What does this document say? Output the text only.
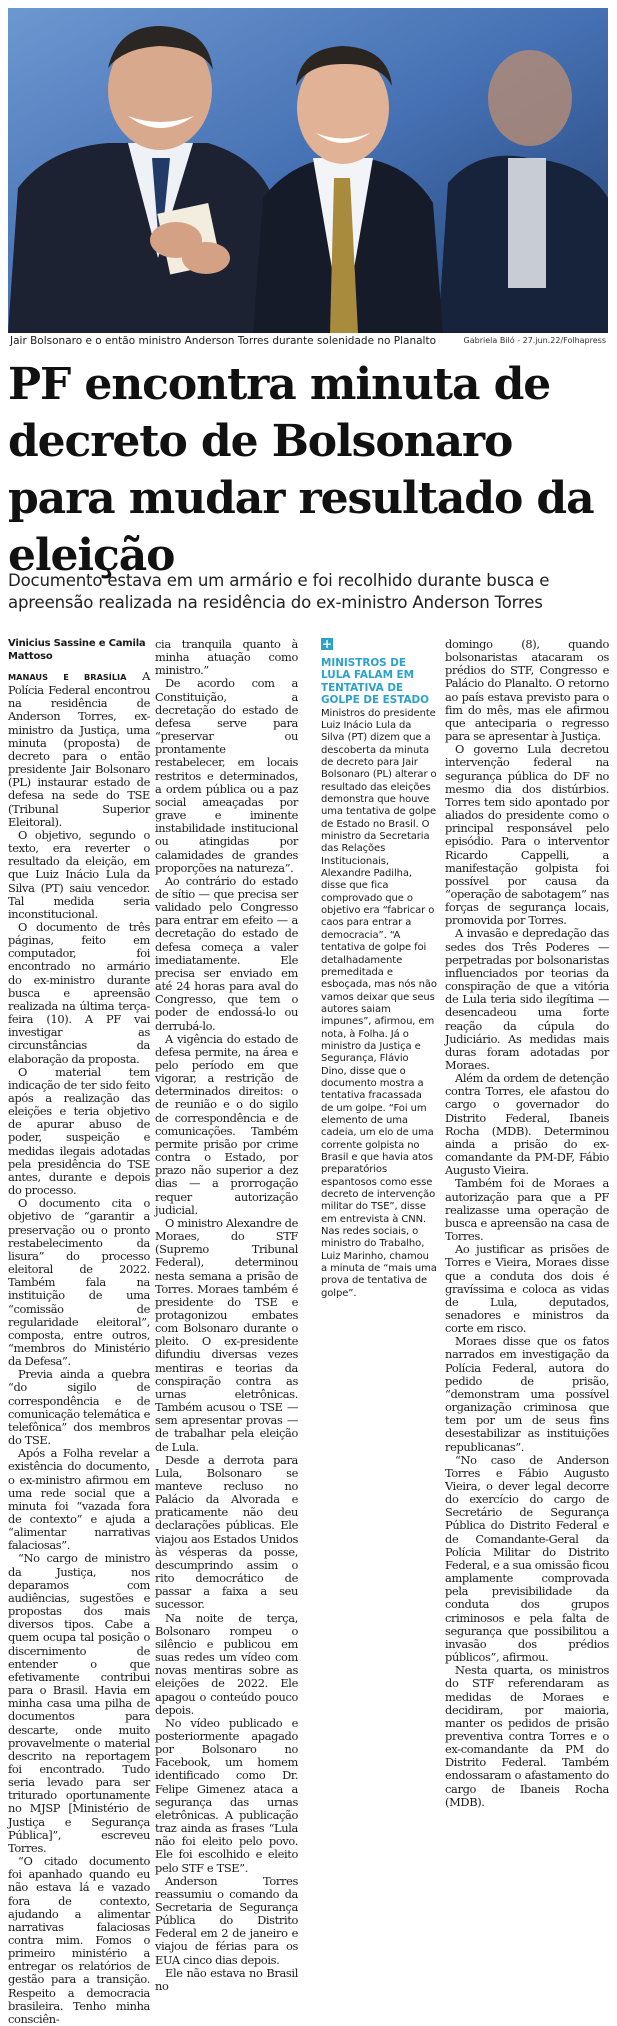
Jair Bolsonaro e o então ministro Anderson Torres durante solenidade no Planalto	Gabriela Biló - 27.jun.22/Folhapress
PF encontra minuta de decreto de Bolsonaro para mudar resultado da eleição
Documento estava em um armário e foi recolhido durante busca e apreensão realizada na residência do ex-ministro Anderson Torres
Vinicius Sassine e Camila Mattoso

MANAUS E BRASÍLIA A Polícia Federal encontrou na residência de Anderson Torres, ex-ministro da Justiça, uma minuta (proposta) de decreto para o então presidente Jair Bolsonaro (PL) instaurar estado de defesa na sede do TSE (Tribunal Superior Eleitoral).

O objetivo, segundo o texto, era reverter o resultado da eleição, em que Luiz Inácio Lula da Silva (PT) saiu vencedor. Tal medida seria inconstitucional.

O documento de três páginas, feito em computador, foi encontrado no armário do ex-ministro durante busca e apreensão realizada na última terça-feira (10). A PF vai investigar as circunstâncias da elaboração da proposta.

O material tem indicação de ter sido feito após a realização das eleições e teria objetivo de apurar abuso de poder, suspeição e medidas ilegais adotadas pela presidência do TSE antes, durante e depois do processo.

O documento cita o objetivo de “garantir a preservação ou o pronto restabelecimento da lisura” do processo eleitoral de 2022. Também fala na instituição de uma “comissão de regularidade eleitoral”, composta, entre outros, “membros do Ministério da Defesa”.

Previa ainda a quebra “do sigilo de correspondência e de comunicação telemática e telefônica” dos membros do TSE.

Após a Folha revelar a existência do documento, o ex-ministro afirmou em uma rede social que a minuta foi “vazada fora de contexto” e ajuda a “alimentar narrativas falaciosas”.

“No cargo de ministro da Justiça, nos deparamos com audiências, sugestões e propostas dos mais diversos tipos. Cabe a quem ocupa tal posição o discernimento de entender o que efetivamente contribui para o Brasil. Havia em minha casa uma pilha de documentos para descarte, onde muito provavelmente o material descrito na reportagem foi encontrado. Tudo seria levado para ser triturado oportunamente no MJSP [Ministério de Justiça e Segurança Pública]”, escreveu Torres.

“O citado documento foi apanhado quando eu não estava lá e vazado fora de contexto, ajudando a alimentar narrativas falaciosas contra mim. Fomos o primeiro ministério a entregar os relatórios de gestão para a transição. Respeito a democracia brasileira. Tenho minha consciên-

cia tranquila quanto à minha atuação como ministro.”

De acordo com a Constituição, a decretação do estado de defesa serve para “preservar ou prontamente restabelecer, em locais restritos e determinados, a ordem pública ou a paz social ameaçadas por grave e iminente instabilidade institucional ou atingidas por calamidades de grandes proporções na natureza”.

Ao contrário do estado de sítio — que precisa ser validado pelo Congresso para entrar em efeito — a decretação do estado de defesa começa a valer imediatamente. Ele precisa ser enviado em até 24 horas para aval do Congresso, que tem o poder de endossá-lo ou derrubá-lo.

A vigência do estado de defesa permite, na área e pelo período em que vigorar, a restrição de determinados direitos: o de reunião e o do sigilo de correspondência e de comunicações. Também permite prisão por crime contra o Estado, por prazo não superior a dez dias — a prorrogação requer autorização judicial.

O ministro Alexandre de Moraes, do STF (Supremo Tribunal Federal), determinou nesta semana a prisão de Torres. Moraes também é presidente do TSE e protagonizou embates com Bolsonaro durante o pleito. O ex-presidente difundiu diversas vezes mentiras e teorias da conspiração contra as urnas eletrônicas. Também acusou o TSE — sem apresentar provas — de trabalhar pela eleição de Lula.

Desde a derrota para Lula, Bolsonaro se manteve recluso no Palácio da Alvorada e praticamente não deu declarações públicas. Ele viajou aos Estados Unidos às vésperas da posse, descumprindo assim o rito democrático de passar a faixa a seu sucessor.

Na noite de terça, Bolsonaro rompeu o silêncio e publicou em suas redes um vídeo com novas mentiras sobre as eleições de 2022. Ele apagou o conteúdo pouco depois.

No vídeo publicado e posteriormente apagado por Bolsonaro no Facebook, um homem identificado como Dr. Felipe Gimenez ataca a segurança das urnas eletrônicas. A publicação traz ainda as frases “Lula não foi eleito pelo povo. Ele foi escolhido e eleito pelo STF e TSE”.

Anderson Torres reassumiu o comando da Secretaria de Segurança Pública do Distrito Federal em 2 de janeiro e viajou de férias para os EUA cinco dias depois.

Ele não estava no Brasil no

+

MINISTROS DE LULA FALAM EM TENTATIVA DE GOLPE DE ESTADO

Ministros do presidente Luiz Inácio Lula da Silva (PT) dizem que a descoberta da minuta de decreto para Jair Bolsonaro (PL) alterar o resultado das eleições demonstra que houve uma tentativa de golpe de Estado no Brasil. O ministro da Secretaria das Relações Institucionais, Alexandre Padilha, disse que fica comprovado que o objetivo era “fabricar o caos para entrar a democracia”. “A tentativa de golpe foi detalhadamente premeditada e esboçada, mas nós não vamos deixar que seus autores saiam impunes”, afirmou, em nota, à Folha. Já o ministro da Justiça e Segurança, Flávio Dino, disse que o documento mostra a tentativa fracassada de um golpe. “Foi um elemento de uma cadeia, um elo de uma corrente golpista no Brasil e que havia atos preparatórios espantosos como esse decreto de intervenção militar do TSE”, disse em entrevista à CNN. Nas redes sociais, o ministro do Trabalho, Luiz Marinho, chamou a minuta de “mais uma prova de tentativa de golpe”.

domingo (8), quando bolsonaristas atacaram os prédios do STF, Congresso e Palácio do Planalto. O retorno ao país estava previsto para o fim do mês, mas ele afirmou que anteciparia o regresso para se apresentar à Justiça.

O governo Lula decretou intervenção federal na segurança pública do DF no mesmo dia dos distúrbios. Torres tem sido apontado por aliados do presidente como o principal responsável pelo episódio. Para o interventor Ricardo Cappelli, a manifestação golpista foi possível por causa da “operação de sabotagem” nas forças de segurança locais, promovida por Torres.

A invasão e depredação das sedes dos Três Poderes — perpetradas por bolsonaristas influenciados por teorias da conspiração de que a vitória de Lula teria sido ilegítima — desencadeou uma forte reação da cúpula do Judiciário. As medidas mais duras foram adotadas por Moraes.

Além da ordem de detenção contra Torres, ele afastou do cargo o governador do Distrito Federal, Ibaneis Rocha (MDB). Determinou ainda a prisão do ex-comandante da PM-DF, Fábio Augusto Vieira.

Também foi de Moraes a autorização para que a PF realizasse uma operação de busca e apreensão na casa de Torres.

Ao justificar as prisões de Torres e Vieira, Moraes disse que a conduta dos dois é gravíssima e coloca as vidas de Lula, deputados, senadores e ministros da corte em risco.

Moraes disse que os fatos narrados em investigação da Polícia Federal, autora do pedido de prisão, “demonstram uma possível organização criminosa que tem por um de seus fins desestabilizar as instituições republicanas”.

“No caso de Anderson Torres e Fábio Augusto Vieira, o dever legal decorre do exercício do cargo de Secretário de Segurança Pública do Distrito Federal e de Comandante-Geral da Polícia Militar do Distrito Federal, e a sua omissão ficou amplamente comprovada pela previsibilidade da conduta dos grupos criminosos e pela falta de segurança que possibilitou a invasão dos prédios públicos”, afirmou.

Nesta quarta, os ministros do STF referendaram as medidas de Moraes e decidiram, por maioria, manter os pedidos de prisão preventiva contra Torres e o ex-comandante da PM do Distrito Federal. Também endossaram o afastamento do cargo de Ibaneis Rocha (MDB).
